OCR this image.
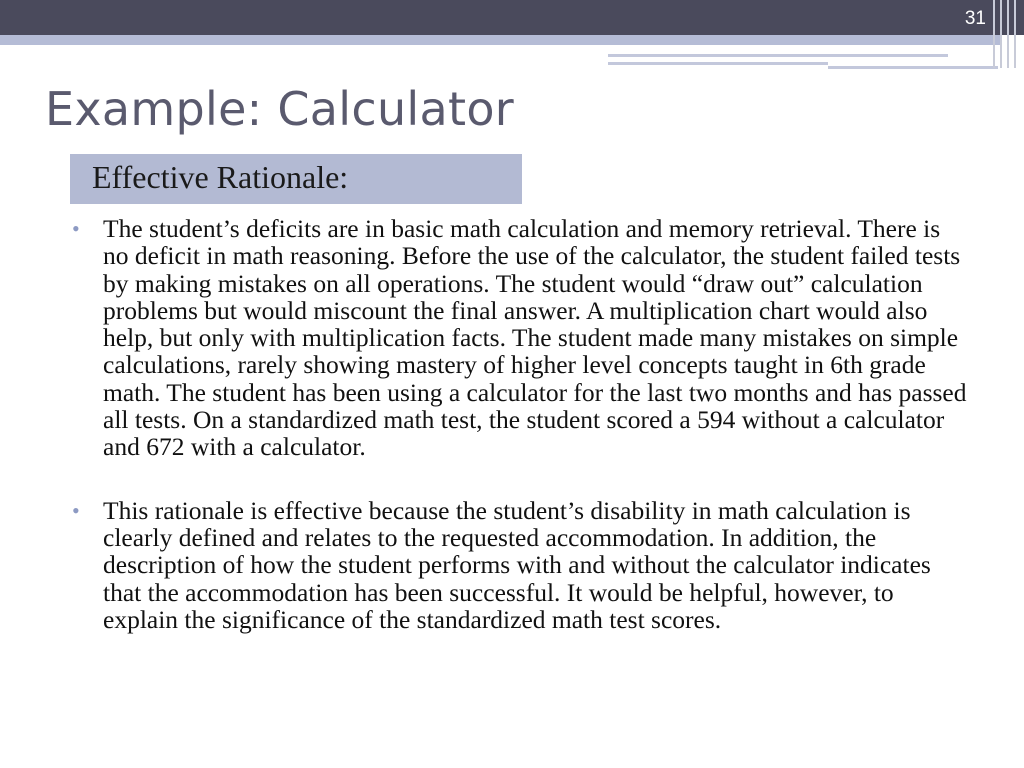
31
Example: Calculator
Effective Rationale:
• The student’s deficits are in basic math calculation and memory retrieval. There is no deficit in math reasoning. Before the use of the calculator, the student failed tests by making mistakes on all operations. The student would “draw out” calculation problems but would miscount the final answer. A multiplication chart would also help, but only with multiplication facts. The student made many mistakes on simple calculations, rarely showing mastery of higher level concepts taught in 6th grade math. The student has been using a calculator for the last two months and has passed all tests. On a standardized math test, the student scored a 594 without a calculator and 672 with a calculator.
• This rationale is effective because the student’s disability in math calculation is clearly defined and relates to the requested accommodation. In addition, the description of how the student performs with and without the calculator indicates that the accommodation has been successful. It would be helpful, however, to explain the significance of the standardized math test scores.
